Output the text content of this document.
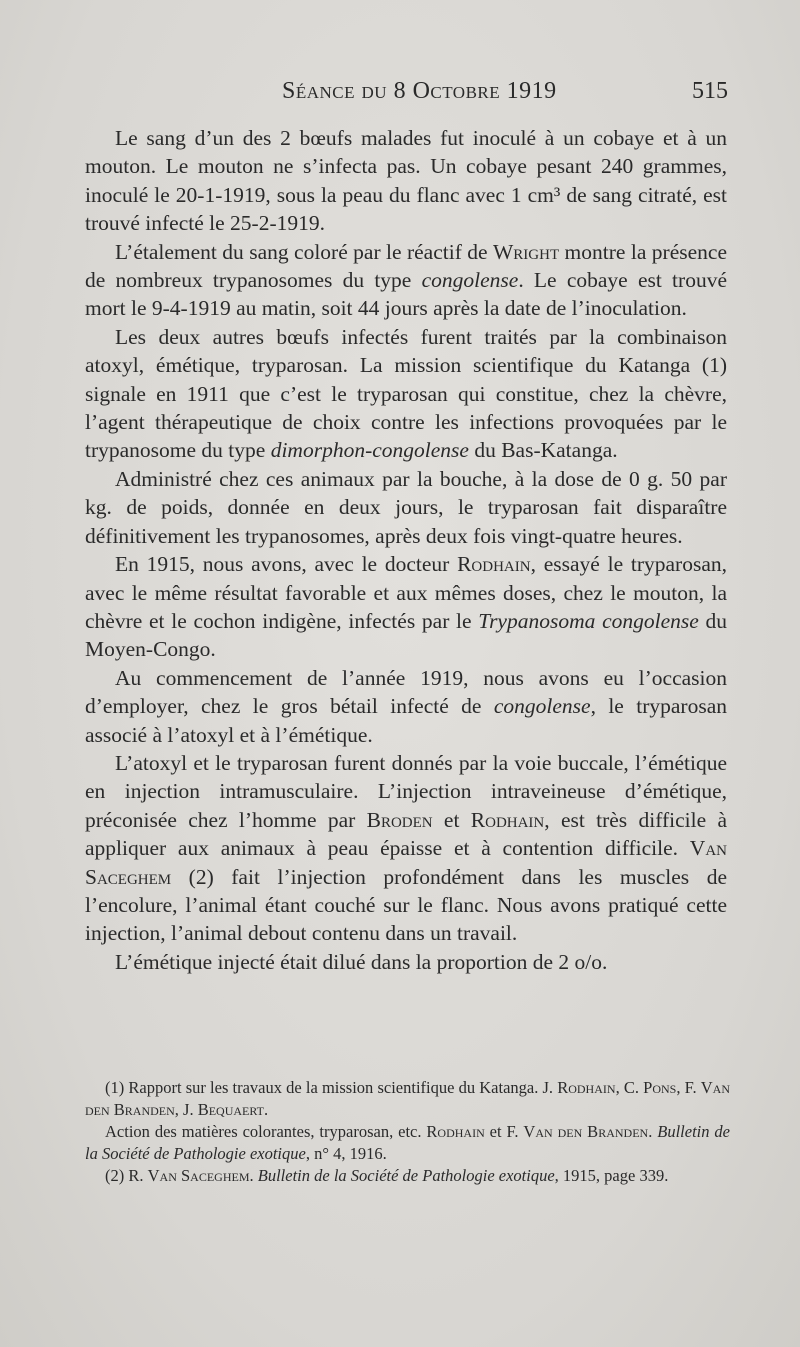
Séance du 8 Octobre 1919	515

Le sang d’un des 2 bœufs malades fut inoculé à un cobaye et à un mouton. Le mouton ne s’infecta pas. Un cobaye pesant 240 grammes, inoculé le 20-1-1919, sous la peau du flanc avec 1 cm³ de sang citraté, est trouvé infecté le 25-2-1919.

L’étalement du sang coloré par le réactif de Wright montre la présence de nombreux trypanosomes du type congolense. Le cobaye est trouvé mort le 9-4-1919 au matin, soit 44 jours après la date de l’inoculation.

Les deux autres bœufs infectés furent traités par la combinaison atoxyl, émétique, tryparosan. La mission scientifique du Katanga (1) signale en 1911 que c’est le tryparosan qui constitue, chez la chèvre, l’agent thérapeutique de choix contre les infections provoquées par le trypanosome du type dimorphon-congolense du Bas-Katanga.

Administré chez ces animaux par la bouche, à la dose de 0 g. 50 par kg. de poids, donnée en deux jours, le tryparosan fait disparaître définitivement les trypanosomes, après deux fois vingt-quatre heures.

En 1915, nous avons, avec le docteur Rodhain, essayé le tryparosan, avec le même résultat favorable et aux mêmes doses, chez le mouton, la chèvre et le cochon indigène, infectés par le Trypanosoma congolense du Moyen-Congo.

Au commencement de l’année 1919, nous avons eu l’occasion d’employer, chez le gros bétail infecté de congolense, le tryparosan associé à l’atoxyl et à l’émétique.

L’atoxyl et le tryparosan furent donnés par la voie buccale, l’émétique en injection intramusculaire. L’injection intraveineuse d’émétique, préconisée chez l’homme par Broden et Rodhain, est très difficile à appliquer aux animaux à peau épaisse et à contention difficile. Van Saceghem (2) fait l’injection profondément dans les muscles de l’encolure, l’animal étant couché sur le flanc. Nous avons pratiqué cette injection, l’animal debout contenu dans un travail.

L’émétique injecté était dilué dans la proportion de 2 o/o.

(1) Rapport sur les travaux de la mission scientifique du Katanga. J. Rodhain, C. Pons, F. Van den Branden, J. Bequaert.

Action des matières colorantes, tryparosan, etc. Rodhain et F. Van den Branden. Bulletin de la Société de Pathologie exotique, n° 4, 1916.

(2) R. Van Saceghem. Bulletin de la Société de Pathologie exotique, 1915, page 339.
